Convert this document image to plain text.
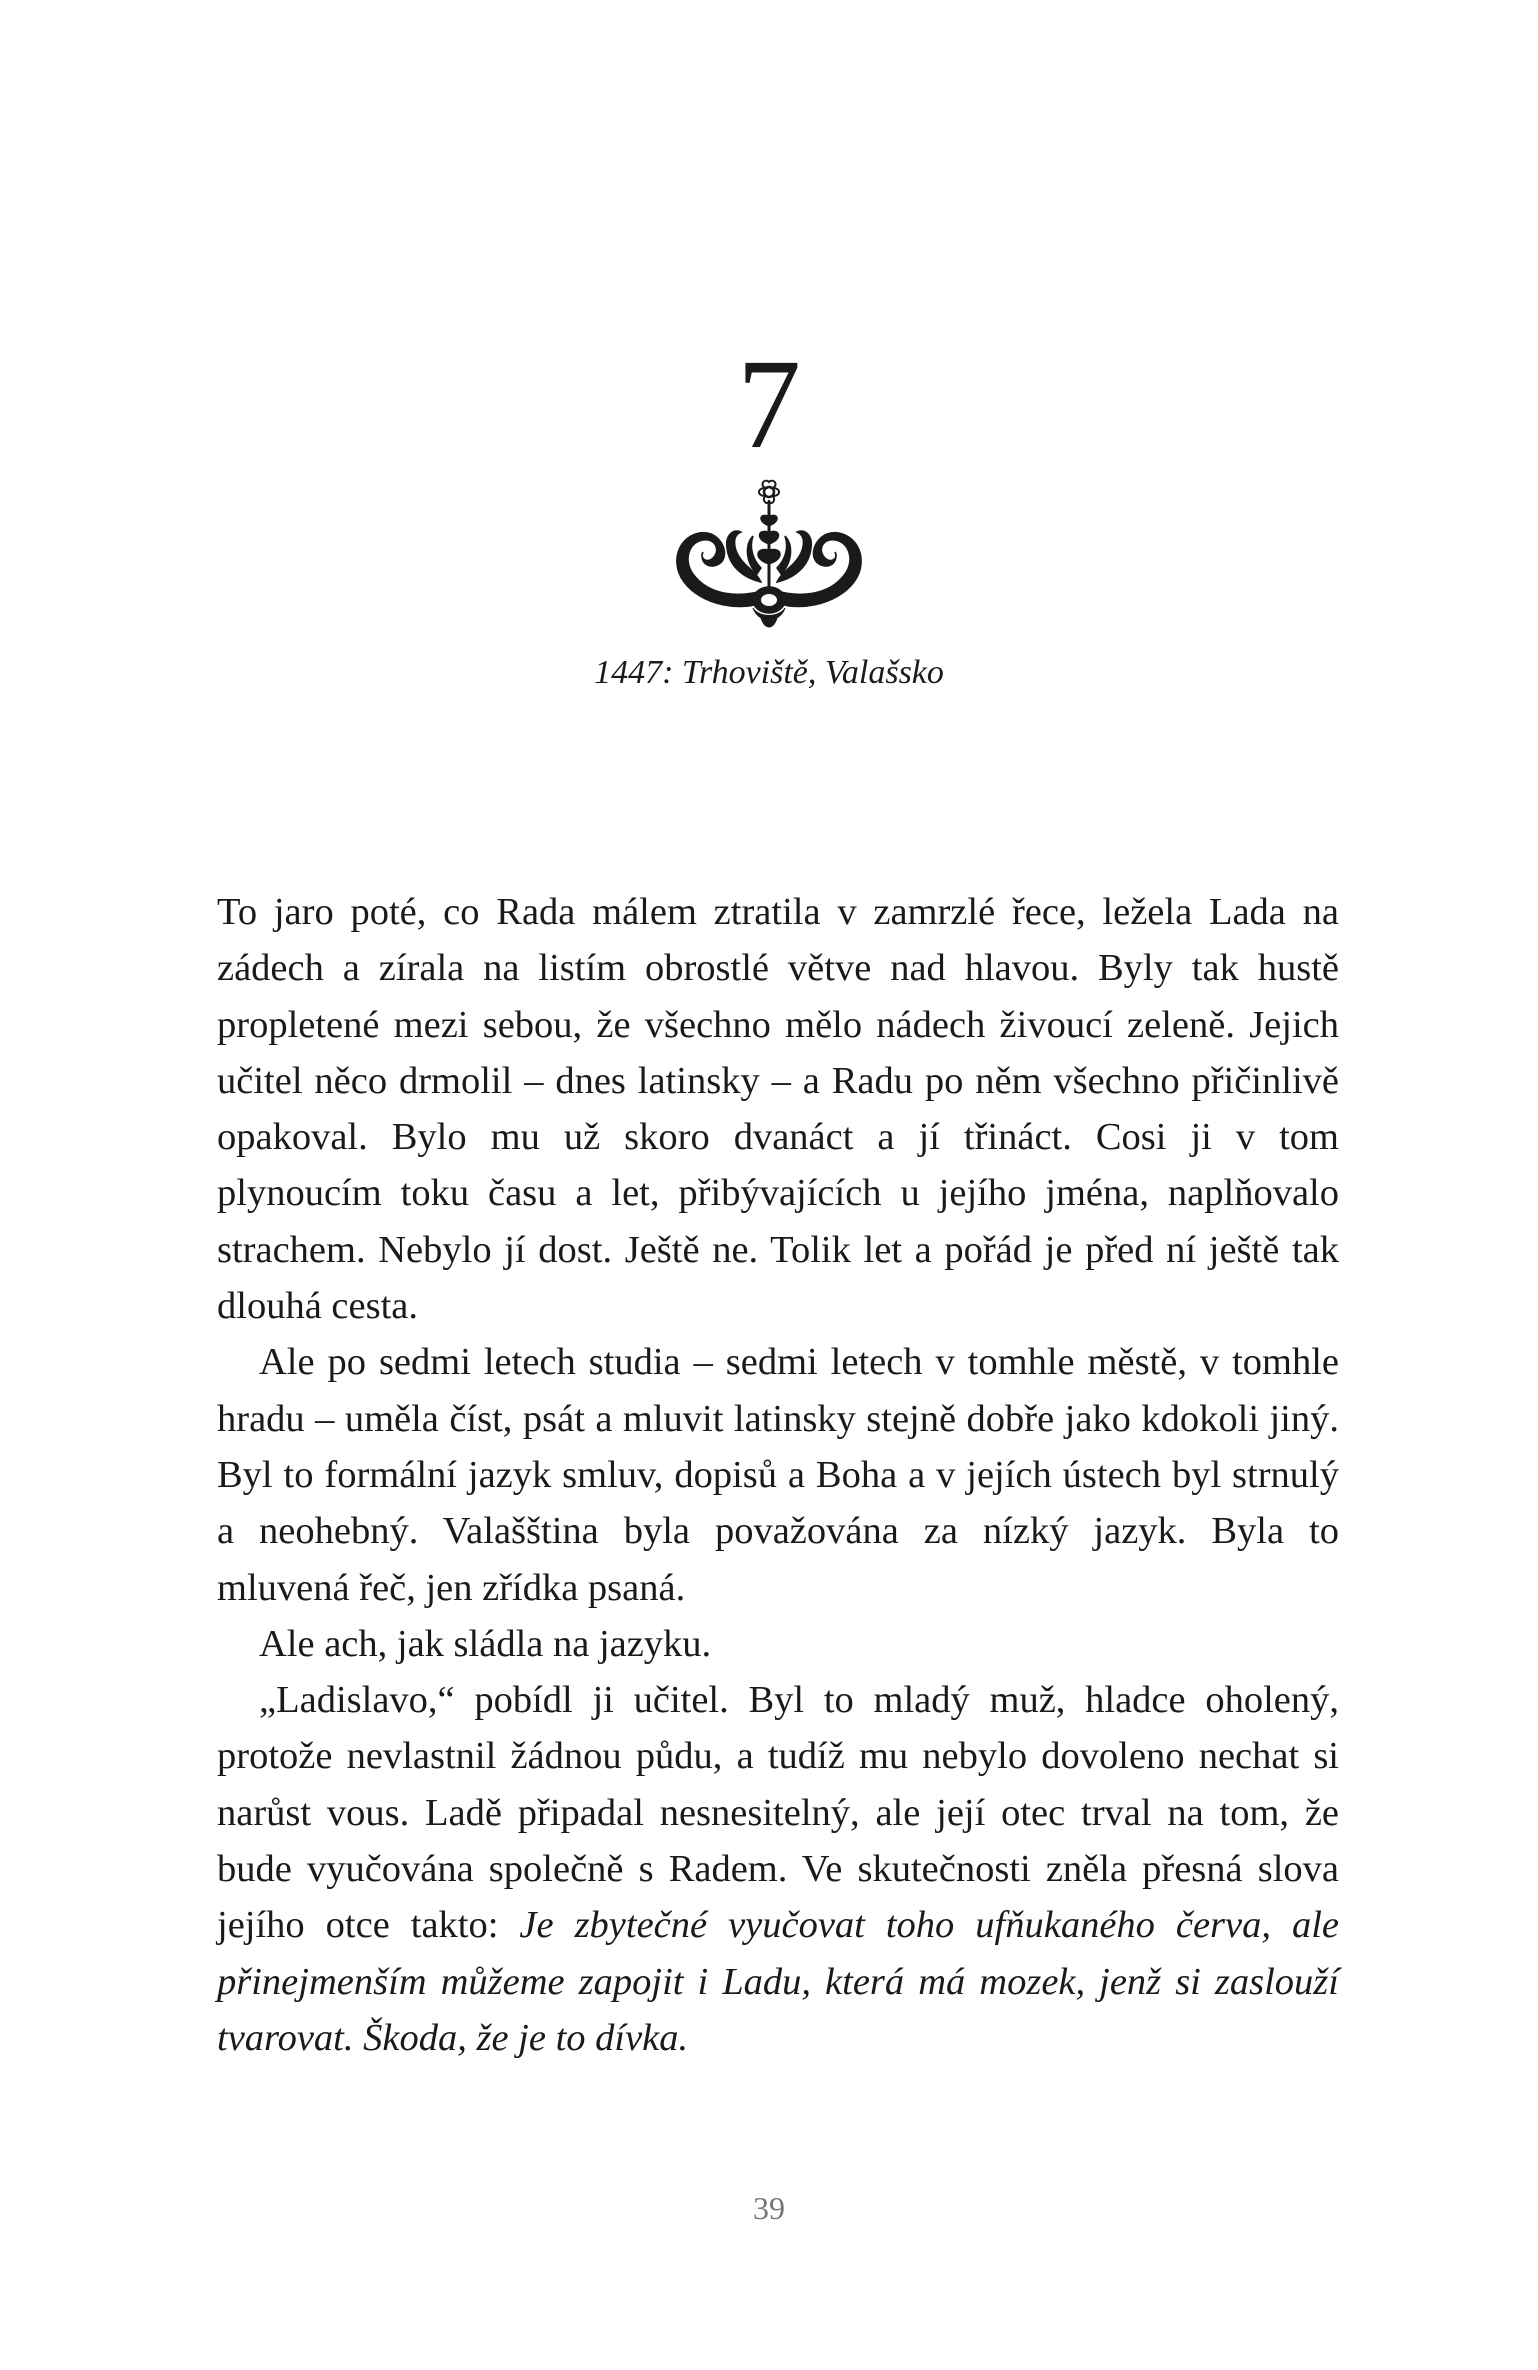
7
1447: Trhoviště, Valašsko

To jaro poté, co Rada málem ztratila v zamrzlé řece, ležela Lada na zádech a zírala na listím obrostlé větve nad hlavou. Byly tak hustě propletené mezi sebou, že všechno mělo nádech živoucí zeleně. Jejich učitel něco drmolil – dnes latinsky – a Radu po něm všechno přičinlivě opakoval. Bylo mu už skoro dvanáct a jí třináct. Cosi ji v tom plynoucím toku času a let, přibývajících u jejího jména, naplňovalo strachem. Nebylo jí dost. Ještě ne. Tolik let a pořád je před ní ještě tak dlouhá cesta.

Ale po sedmi letech studia – sedmi letech v tomhle městě, v tomhle hradu – uměla číst, psát a mluvit latinsky stejně dobře jako kdokoli jiný. Byl to formální jazyk smluv, dopisů a Boha a v jejích ústech byl strnulý a neohebný. Valašština byla považována za nízký jazyk. Byla to mluvená řeč, jen zřídka psaná.

Ale ach, jak sládla na jazyku.

„Ladislavo,“ pobídl ji učitel. Byl to mladý muž, hladce oholený, protože nevlastnil žádnou půdu, a tudíž mu nebylo dovoleno nechat si narůst vous. Ladě připadal nesnesitelný, ale její otec trval na tom, že bude vyučována společně s Radem. Ve skutečnosti zněla přesná slova jejího otce takto: Je zbytečné vyučovat toho ufňukaného červa, ale přinejmenším můžeme zapojit i Ladu, která má mozek, jenž si zaslouží tvarovat. Škoda, že je to dívka.

39
